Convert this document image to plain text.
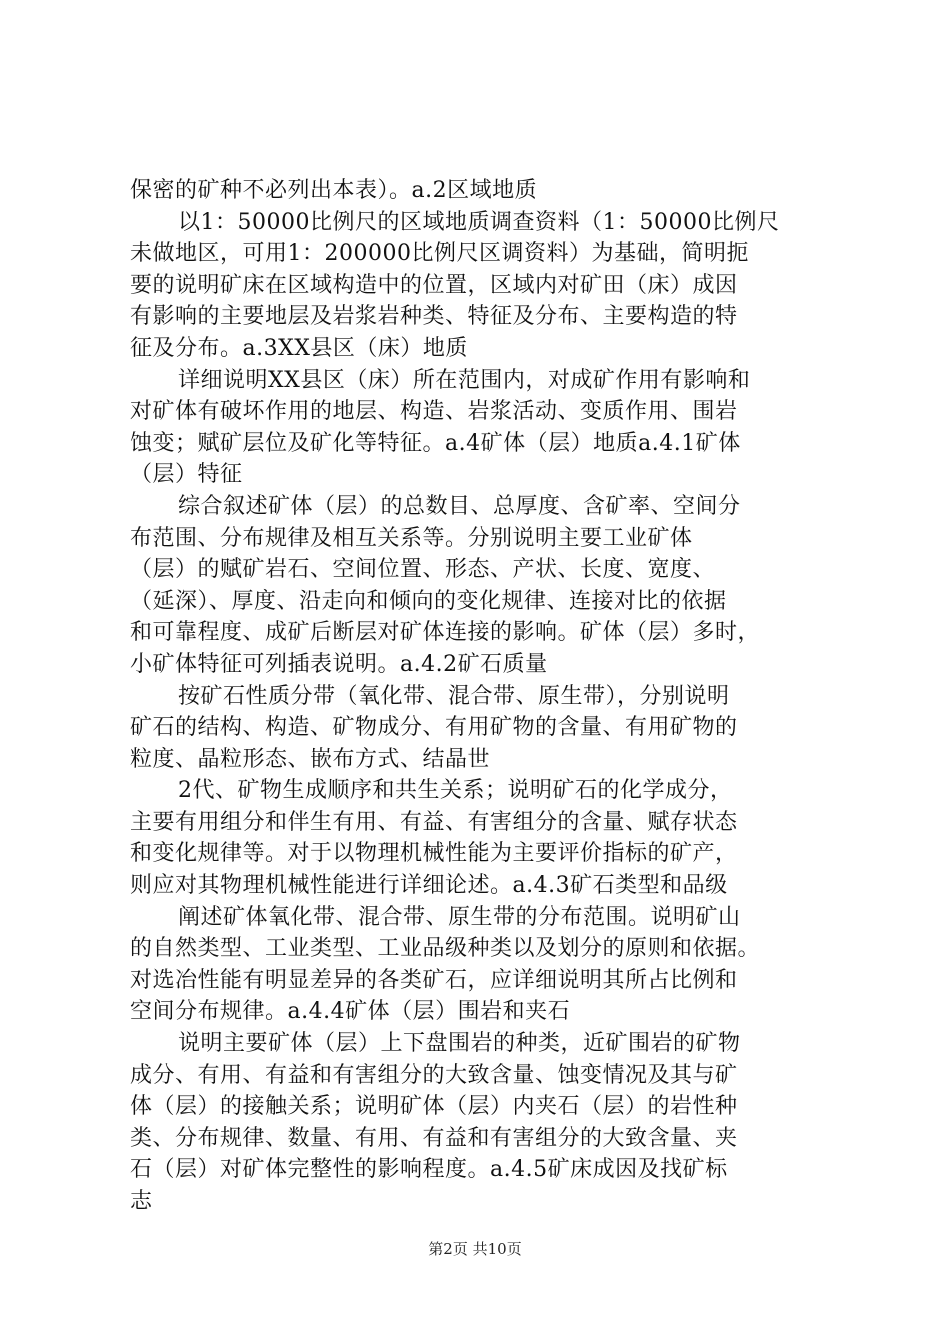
保密的矿种不必列出本表）。a.2区域地质
以1：50000比例尺的区域地质调查资料（1：50000比例尺
未做地区，可用1：200000比例尺区调资料）为基础，简明扼
要的说明矿床在区域构造中的位置，区域内对矿田（床）成因
有影响的主要地层及岩浆岩种类、特征及分布、主要构造的特
征及分布。a.3XX县区（床）地质
详细说明XX县区（床）所在范围内，对成矿作用有影响和
对矿体有破坏作用的地层、构造、岩浆活动、变质作用、围岩
蚀变；赋矿层位及矿化等特征。a.4矿体（层）地质a.4.1矿体
（层）特征
综合叙述矿体（层）的总数目、总厚度、含矿率、空间分
布范围、分布规律及相互关系等。分别说明主要工业矿体
（层）的赋矿岩石、空间位置、形态、产状、长度、宽度、
（延深）、厚度、沿走向和倾向的变化规律、连接对比的依据
和可靠程度、成矿后断层对矿体连接的影响。矿体（层）多时，
小矿体特征可列插表说明。a.4.2矿石质量
按矿石性质分带（氧化带、混合带、原生带），分别说明
矿石的结构、构造、矿物成分、有用矿物的含量、有用矿物的
粒度、晶粒形态、嵌布方式、结晶世
2代、矿物生成顺序和共生关系；说明矿石的化学成分，
主要有用组分和伴生有用、有益、有害组分的含量、赋存状态
和变化规律等。对于以物理机械性能为主要评价指标的矿产，
则应对其物理机械性能进行详细论述。a.4.3矿石类型和品级
阐述矿体氧化带、混合带、原生带的分布范围。说明矿山
的自然类型、工业类型、工业品级种类以及划分的原则和依据。
对选冶性能有明显差异的各类矿石，应详细说明其所占比例和
空间分布规律。a.4.4矿体（层）围岩和夹石
说明主要矿体（层）上下盘围岩的种类，近矿围岩的矿物
成分、有用、有益和有害组分的大致含量、蚀变情况及其与矿
体（层）的接触关系；说明矿体（层）内夹石（层）的岩性种
类、分布规律、数量、有用、有益和有害组分的大致含量、夹
石（层）对矿体完整性的影响程度。a.4.5矿床成因及找矿标
志
第2页 共10页
